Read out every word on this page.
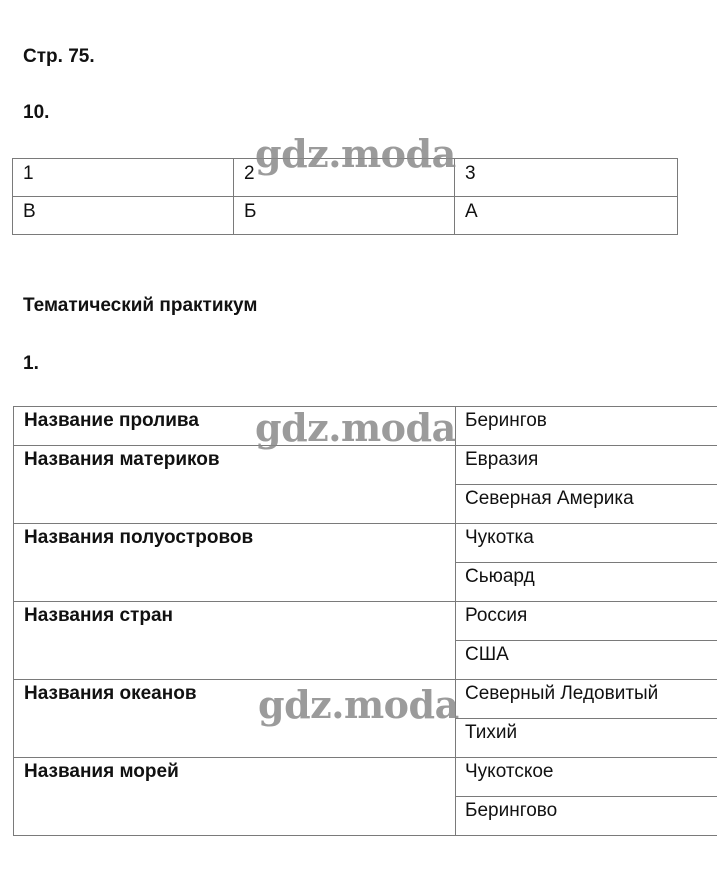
Стр. 75.
10.
1	2	3
В	Б	А
Тематический практикум
1.
Название пролива	Берингов
Названия материков	Евразия
	Северная Америка
Названия полуостровов	Чукотка
	Сьюард
Названия стран	Россия
	США
Названия океанов	Северный Ледовитый
	Тихий
Названия морей	Чукотское
	Берингово
gdz.moda
gdz.moda
gdz.moda
